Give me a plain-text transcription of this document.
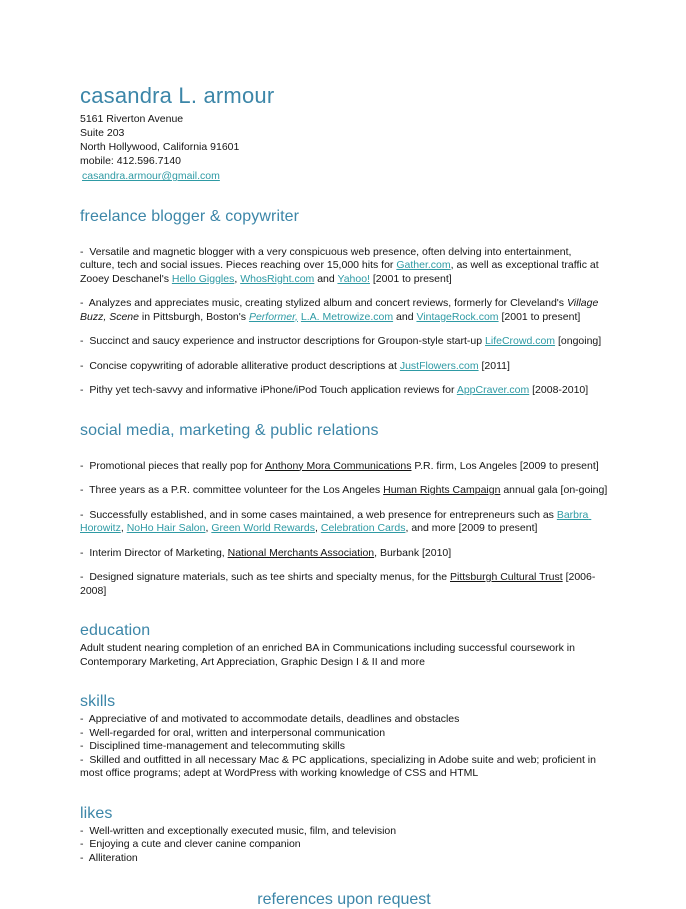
casandra L. armour
5161 Riverton Avenue
Suite 203
North Hollywood, California 91601
mobile: 412.596.7140
casandra.armour@gmail.com
freelance blogger & copywriter

-  Versatile and magnetic blogger with a very conspicuous web presence, often delving into entertainment, culture, tech and social issues. Pieces reaching over 15,000 hits for Gather.com, as well as exceptional traffic at Zooey Deschanel's Hello Giggles, WhosRight.com and Yahoo! [2001 to present]

-  Analyzes and appreciates music, creating stylized album and concert reviews, formerly for Cleveland's Village Buzz, Scene in Pittsburgh, Boston's Performer, L.A. Metrowize.com and VintageRock.com [2001 to present]

-  Succinct and saucy experience and instructor descriptions for Groupon-style start-up LifeCrowd.com [ongoing]

-  Concise copywriting of adorable alliterative product descriptions at JustFlowers.com [2011]

-  Pithy yet tech-savvy and informative iPhone/iPod Touch application reviews for AppCraver.com [2008-2010]

social media, marketing & public relations

-  Promotional pieces that really pop for Anthony Mora Communications P.R. firm, Los Angeles [2009 to present]

-  Three years as a P.R. committee volunteer for the Los Angeles Human Rights Campaign annual gala [on-going]

-  Successfully established, and in some cases maintained, a web presence for entrepreneurs such as Barbra Horowitz, NoHo Hair Salon, Green World Rewards, Celebration Cards, and more [2009 to present]

-  Interim Director of Marketing, National Merchants Association, Burbank [2010]

-  Designed signature materials, such as tee shirts and specialty menus, for the Pittsburgh Cultural Trust [2006- 2008]

education

Adult student nearing completion of an enriched BA in Communications including successful coursework in Contemporary Marketing, Art Appreciation, Graphic Design I & II and more

skills

-  Appreciative of and motivated to accommodate details, deadlines and obstacles

-  Well-regarded for oral, written and interpersonal communication

-  Disciplined time-management and telecommuting skills

-  Skilled and outfitted in all necessary Mac & PC applications, specializing in Adobe suite and web; proficient in most office programs; adept at WordPress with working knowledge of CSS and HTML

likes

-  Well-written and exceptionally executed music, film, and television

-  Enjoying a cute and clever canine companion

-  Alliteration

references upon request
